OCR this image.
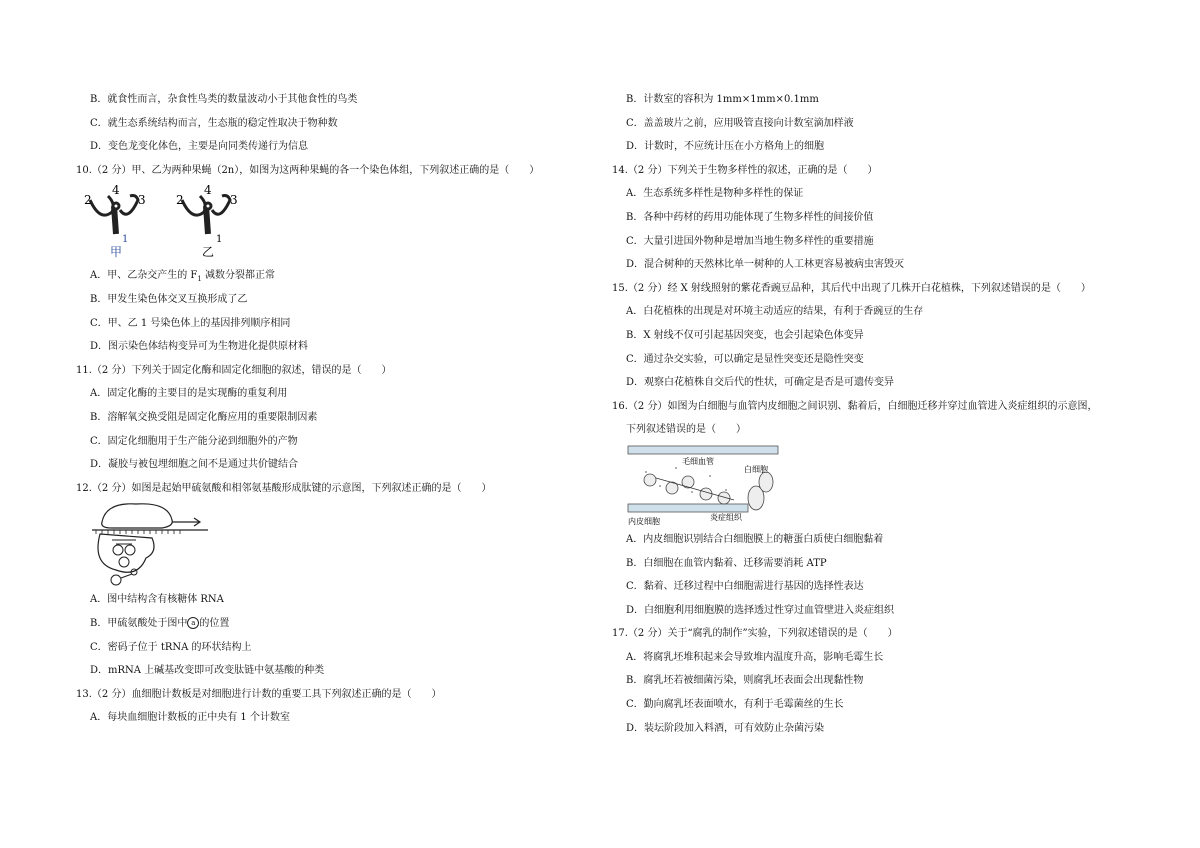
B．就食性而言，杂食性鸟类的数量波动小于其他食性的鸟类
C．就生态系统结构而言，生态瓶的稳定性取决于物种数
D．变色龙变化体色，主要是向同类传递行为信息
10.（2 分）甲、乙为两种果蝇（2n），如图为这两种果蝇的各一个染色体组，下列叙述正确的是（　　）
2
4
3
1
甲
2
4
3
1
乙
A．甲、乙杂交产生的 $F_1$ 减数分裂都正常
B．甲发生染色体交叉互换形成了乙
C．甲、乙 1 号染色体上的基因排列顺序相同
D．图示染色体结构变异可为生物进化提供原材料
11.（2 分）下列关于固定化酶和固定化细胞的叙述，错误的是（　　）
A．固定化酶的主要目的是实现酶的重复利用
B．溶解氧交换受阻是固定化酶应用的重要限制因素
C．固定化细胞用于生产能分泌到细胞外的产物
D．凝胶与被包埋细胞之间不是通过共价键结合
12.（2 分）如图是起始甲硫氨酸和相邻氨基酸形成肽键的示意图，下列叙述正确的是（　　）
A．图中结构含有核糖体 RNA
B．甲硫氨酸处于图中 a 的位置
C．密码子位于 tRNA 的环状结构上
D．mRNA 上碱基改变即可改变肽链中氨基酸的种类
13.（2 分）血细胞计数板是对细胞进行计数的重要工具下列叙述正确的是（　　）
A．每块血细胞计数板的正中央有 1 个计数室
B．计数室的容积为 1mm×1mm×0.1mm
C．盖盖玻片之前，应用吸管直接向计数室滴加样液
D．计数时，不应统计压在小方格角上的细胞
14.（2 分）下列关于生物多样性的叙述，正确的是（　　）
A．生态系统多样性是物种多样性的保证
B．各种中药材的药用功能体现了生物多样性的间接价值
C．大量引进国外物种是增加当地生物多样性的重要措施
D．混合树种的天然林比单一树种的人工林更容易被病虫害毁灭
15.（2 分）经 X 射线照射的紫花香豌豆品种，其后代中出现了几株开白花植株，下列叙述错误的是（　　）
A．白花植株的出现是对环境主动适应的结果，有利于香豌豆的生存
B．X 射线不仅可引起基因突变，也会引起染色体变异
C．通过杂交实验，可以确定是显性突变还是隐性突变
D．观察白花植株自交后代的性状，可确定是否是可遗传变异
16.（2 分）如图为白细胞与血管内皮细胞之间识别、黏着后，白细胞迁移并穿过血管进入炎症组织的示意图，
下列叙述错误的是（　　）
毛细血管
白细胞
内皮细胞	炎症组织
A．内皮细胞识别结合白细胞膜上的糖蛋白质使白细胞黏着
B．白细胞在血管内黏着、迁移需要消耗 ATP
C．黏着、迁移过程中白细胞需进行基因的选择性表达
D．白细胞利用细胞膜的选择透过性穿过血管壁进入炎症组织
17.（2 分）关于“腐乳的制作”实验，下列叙述错误的是（　　）
A．将腐乳坯堆积起来会导致堆内温度升高，影响毛霉生长
B．腐乳坯若被细菌污染，则腐乳坯表面会出现黏性物
C．勤向腐乳坯表面喷水，有利于毛霉菌丝的生长
D．装坛阶段加入料酒，可有效防止杂菌污染
